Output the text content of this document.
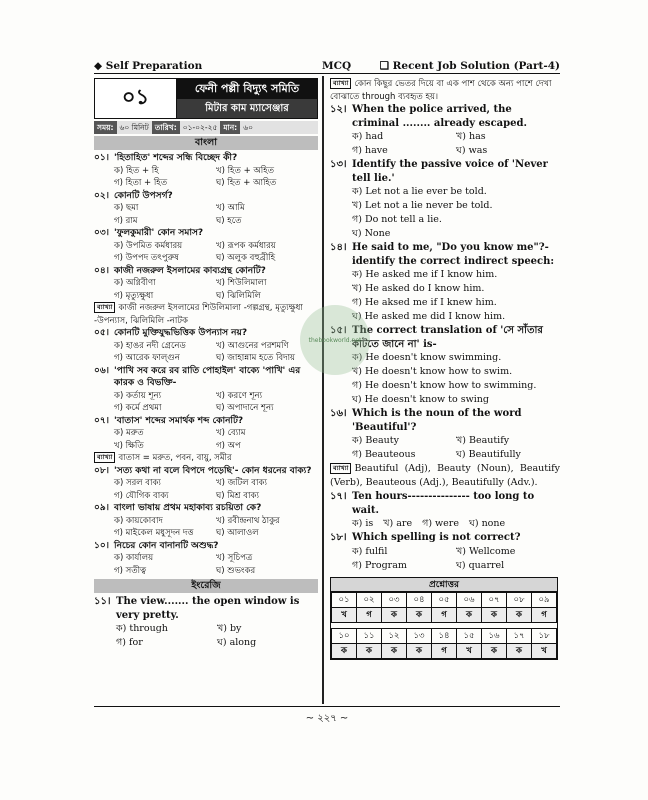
◆ Self Preparation	MCQ	❑ Recent Job Solution (Part-4)
০১	ফেনী পল্লী বিদ্যুৎ সমিতি
মিটার কাম ম্যাসেঞ্জার
সময়: ৬০ মিনিট তারিখ: ০১-০২-২৫ মান: ৬০
বাংলা
০১। 'হিতাহিত' শব্দের সন্ধি বিচ্ছেদ কী?
ক) হিত + হি	খ) হিত + অহিত
গ) হিতা + হিত	ঘ) হিত + আহিত
০২। কোনটি উপসর্গ?
ক) ছমা	খ) আমি
গ) রাম	ঘ) হতে
০৩। 'ফুলকুমারী' কোন সমাস?
ক) উপমিত কর্মধারয়	খ) রূপক কর্মধারয়
গ) উপপদ তৎপুরুষ	ঘ) অলুক বহুব্রীহি
০৪। কাজী নজরুল ইসলামের কাব্যগ্রন্থ কোনটি?
ক) অগ্নিবীণা	খ) শিউলিমালা
গ) মৃত্যুক্ষুধা	ঘ) ঝিলিমিলি
ব্যাখ্যা কাজী নজরুল ইসলামের শিউলিমালা -গল্পগ্রন্থ, মৃত্যুক্ষুধা -উপন্যাস, ঝিলিমিলি -নাটক
০৫। কোনটি মুক্তিযুদ্ধভিত্তিক উপন্যাস নয়?
ক) হাঙর নদী গ্রেনেড	খ) আগুনের পরশমণি
গ) আরেক ফাল্গুন	ঘ) জাহান্নাম হতে বিদায়
০৬। 'পাখি সব করে রব রাতি পোহাইল' বাক্যে 'পাখি' এর কারক ও বিভক্তি-
ক) কর্তায় শূন্য	খ) করণে শূন্য
গ) কর্মে প্রথমা	ঘ) অপাদানে শূন্য
০৭। 'বাতাস' শব্দের সমার্থক শব্দ কোনটি?
ক) মরুত	খ) ব্যোম
খ) ক্ষিতি	গ) অপ
ব্যাখ্যা বাতাস = মরুত, পবন, বায়ু, সমীর
০৮। 'সত্য কথা না বলে বিপদে পড়েছি'- কোন ধরনের বাক্য?
ক) সরল বাক্য	খ) জটিল বাক্য
গ) যৌগিক বাক্য	ঘ) মিশ্র বাক্য
০৯। বাংলা ভাষায় প্রথম মহাকাব্য রচয়িতা কে?
ক) কায়কোবাদ	খ) রবীন্দ্রনাথ ঠাকুর
গ) মাইকেল মধুসূদন দত্ত	ঘ) আলাওল
১০। নিচের কোন বানানটি অশুদ্ধ?
ক) কার্যালয়	খ) সূচিপত্র
গ) সতীত্ব	ঘ) শুভংকর
ইংরেজি
১১। The view....... the open window is very pretty.
ক) through	খ) by
গ) for	ঘ) along
ব্যাখ্যা কোন কিছুর ভেতর দিয়ে বা এক পাশ থেকে অন্য পাশে দেখা বোঝাতে through ব্যবহৃত হয়।
১২। When the police arrived, the criminal ........ already escaped.
ক) had	খ) has
গ) have	ঘ) was
১৩। Identify the passive voice of 'Never tell lie.'
ক) Let not a lie ever be told.
খ) Let not a lie never be told.
গ) Do not tell a lie.
ঘ) None
১৪। He said to me, "Do you know me"?- identify the correct indirect speech:
ক) He asked me if I know him.
খ) He asked do I know him.
গ) He aksed me if I knew him.
ঘ) He asked me did I know him.
১৫। The correct translation of 'সে সাঁতার কাটতে জানে না' is-
ক) He doesn't know swimming.
খ) He doesn't know how to swim.
গ) He doesn't know how to swimming.
ঘ) He doesn't know to swing
১৬। Which is the noun of the word 'Beautiful'?
ক) Beauty	খ) Beautify
গ) Beauteous	ঘ) Beautifully
ব্যাখ্যা Beautiful (Adj), Beauty (Noun), Beautify (Verb), Beauteous (Adj.), Beautifully (Adv.).
১৭। Ten hours--------------- too long to wait.
ক) is খ) are গ) were ঘ) none
১৮। Which spelling is not correct?
ক) fulfil	খ) Wellcome
গ) Program	ঘ) quarrel
প্রশ্নোত্তর
০১	০২	০৩	০৪	০৫	০৬	০৭	০৮	০৯
খ	গ	ক	ক	গ	ক	ক	ক	গ

১০	১১	১২	১৩	১৪	১৫	১৬	১৭	১৮
ক	ক	ক	ক	গ	খ	ক	ক	খ
~ ২২৭ ~
thebookworld.net
